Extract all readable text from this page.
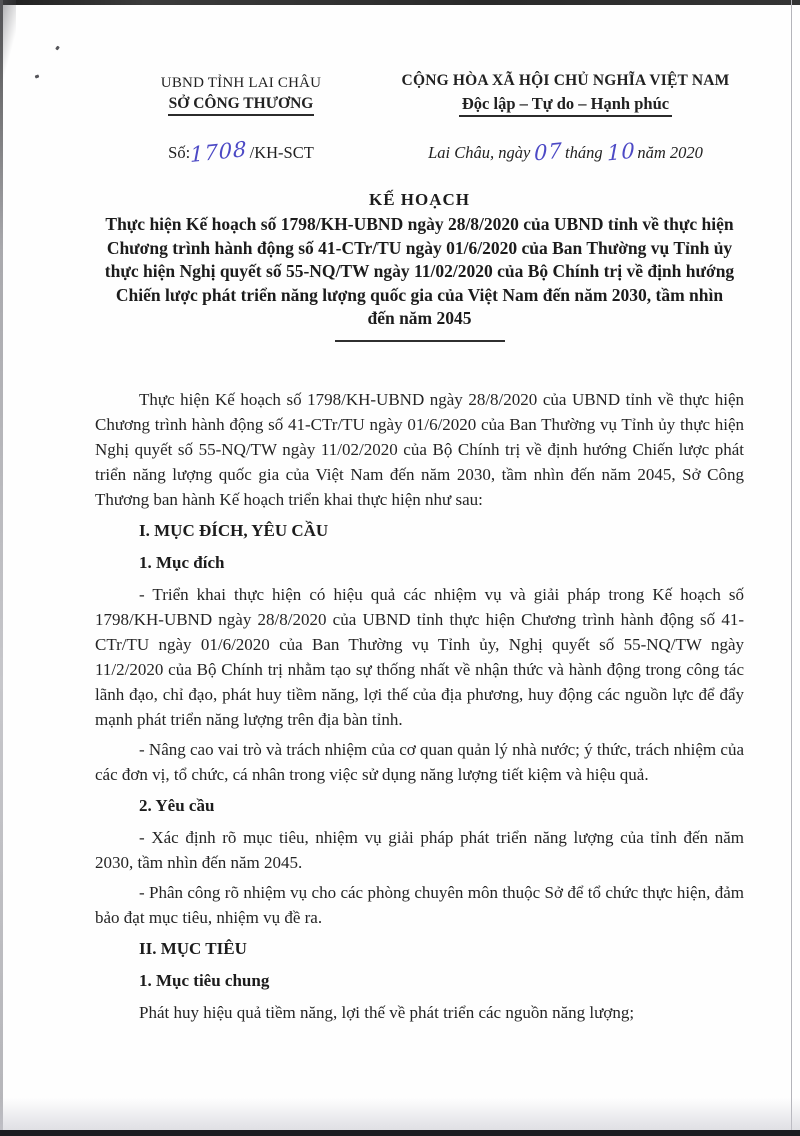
UBND TỈNH LAI CHÂU
SỞ CÔNG THƯƠNG
CỘNG HÒA XÃ HỘI CHỦ NGHĨA VIỆT NAM
Độc lập – Tự do – Hạnh phúc
Số:1708 /KH-SCT	Lai Châu, ngày 07 tháng 10 năm 2020
KẾ HOẠCH
Thực hiện Kế hoạch số 1798/KH-UBND ngày 28/8/2020 của UBND tỉnh về thực hiện Chương trình hành động số 41-CTr/TU ngày 01/6/2020 của Ban Thường vụ Tỉnh ủy thực hiện Nghị quyết số 55-NQ/TW ngày 11/02/2020 của Bộ Chính trị về định hướng Chiến lược phát triển năng lượng quốc gia của Việt Nam đến năm 2030, tầm nhìn đến năm 2045

Thực hiện Kế hoạch số 1798/KH-UBND ngày 28/8/2020 của UBND tỉnh về thực hiện Chương trình hành động số 41-CTr/TU ngày 01/6/2020 của Ban Thường vụ Tỉnh ủy thực hiện Nghị quyết số 55-NQ/TW ngày 11/02/2020 của Bộ Chính trị về định hướng Chiến lược phát triển năng lượng quốc gia của Việt Nam đến năm 2030, tầm nhìn đến năm 2045, Sở Công Thương ban hành Kế hoạch triển khai thực hiện như sau:

I. MỤC ĐÍCH, YÊU CẦU

1. Mục đích

- Triển khai thực hiện có hiệu quả các nhiệm vụ và giải pháp trong Kế hoạch số 1798/KH-UBND ngày 28/8/2020 của UBND tỉnh thực hiện Chương trình hành động số 41-CTr/TU ngày 01/6/2020 của Ban Thường vụ Tỉnh ủy, Nghị quyết số 55-NQ/TW ngày 11/2/2020 của Bộ Chính trị nhằm tạo sự thống nhất về nhận thức và hành động trong công tác lãnh đạo, chỉ đạo, phát huy tiềm năng, lợi thế của địa phương, huy động các nguồn lực để đẩy mạnh phát triển năng lượng trên địa bàn tỉnh.

- Nâng cao vai trò và trách nhiệm của cơ quan quản lý nhà nước; ý thức, trách nhiệm của các đơn vị, tổ chức, cá nhân trong việc sử dụng năng lượng tiết kiệm và hiệu quả.

2. Yêu cầu

- Xác định rõ mục tiêu, nhiệm vụ giải pháp phát triển năng lượng của tỉnh đến năm 2030, tầm nhìn đến năm 2045.

- Phân công rõ nhiệm vụ cho các phòng chuyên môn thuộc Sở để tổ chức thực hiện, đảm bảo đạt mục tiêu, nhiệm vụ đề ra.

II. MỤC TIÊU

1. Mục tiêu chung

Phát huy hiệu quả tiềm năng, lợi thế về phát triển các nguồn năng lượng;
